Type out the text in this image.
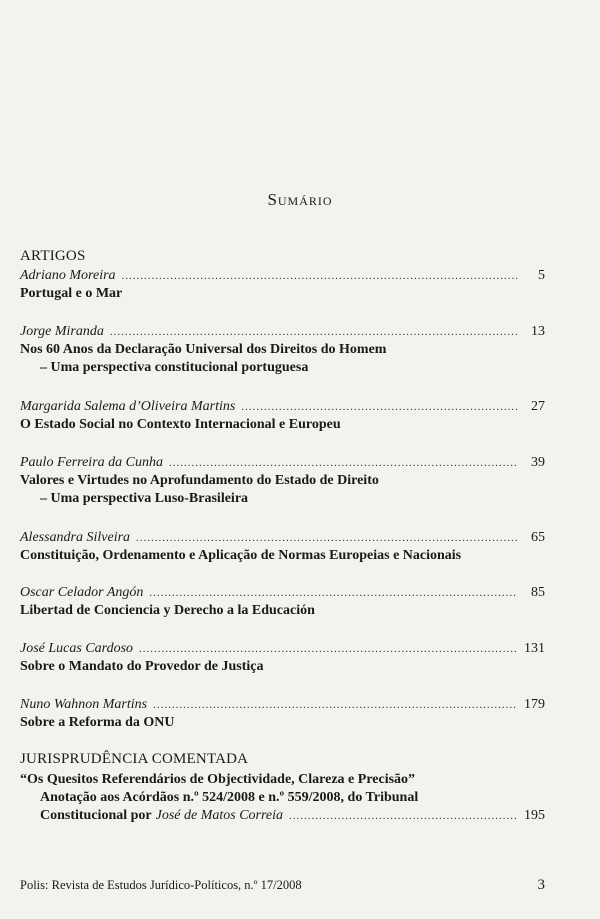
Sumário
ARTIGOS
Adriano Moreira .....	5
Portugal e o Mar
Jorge Miranda .....	13
Nos 60 Anos da Declaração Universal dos Direitos do Homem
– Uma perspectiva constitucional portuguesa
Margarida Salema d’Oliveira Martins .....	27
O Estado Social no Contexto Internacional e Europeu
Paulo Ferreira da Cunha .....	39
Valores e Virtudes no Aprofundamento do Estado de Direito
– Uma perspectiva Luso-Brasileira
Alessandra Silveira .....	65
Constituição, Ordenamento e Aplicação de Normas Europeias e Nacionais
Oscar Celador Angón .....	85
Libertad de Conciencia y Derecho a la Educación
José Lucas Cardoso .....	131
Sobre o Mandato do Provedor de Justiça
Nuno Wahnon Martins .....	179
Sobre a Reforma da ONU
JURISPRUDÊNCIA COMENTADA
“Os Quesitos Referendários de Objectividade, Clareza e Precisão”
Anotação aos Acórdãos n.º 524/2008 e n.º 559/2008, do Tribunal
Constitucional por José de Matos Correia .....	195
Polis: Revista de Estudos Jurídico-Políticos, n.º 17/2008	3
